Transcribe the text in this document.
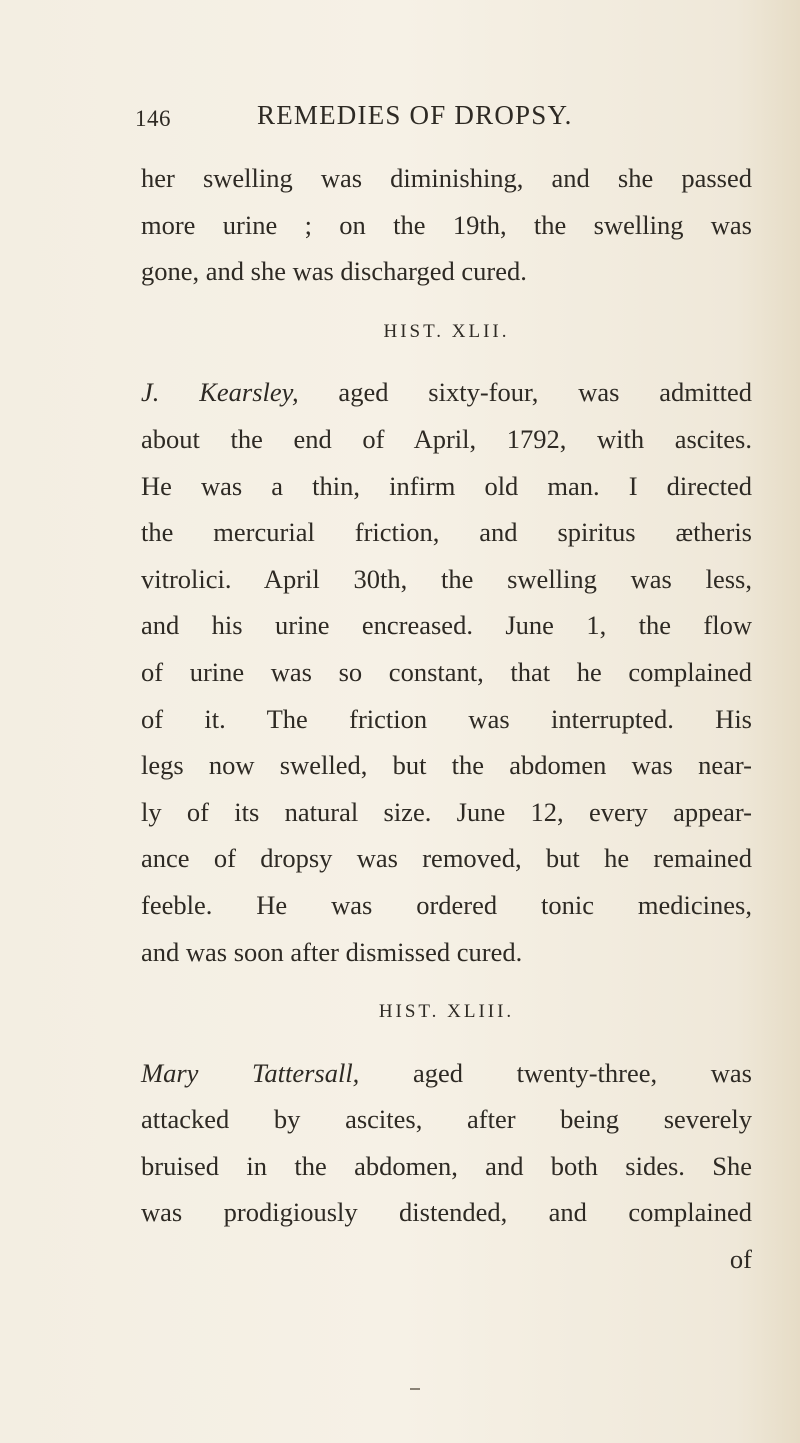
146	REMEDIES OF DROPSY.
her swelling was diminishing, and she passed
more urine ; on the 19th, the swelling was
gone, and she was discharged cured.
HIST. XLII.
J. Kearsley, aged sixty-four, was admitted
about the end of April, 1792, with ascites.
He was a thin, infirm old man. I directed
the mercurial friction, and spiritus ætheris
vitrolici. April 30th, the swelling was less,
and his urine encreased. June 1, the flow
of urine was so constant, that he complained
of it. The friction was interrupted. His
legs now swelled, but the abdomen was near-
ly of its natural size. June 12, every appear-
ance of dropsy was removed, but he remained
feeble. He was ordered tonic medicines,
and was soon after dismissed cured.
HIST. XLIII.
Mary Tattersall, aged twenty-three, was
attacked by ascites, after being severely
bruised in the abdomen, and both sides. She
was prodigiously distended, and complained
of
